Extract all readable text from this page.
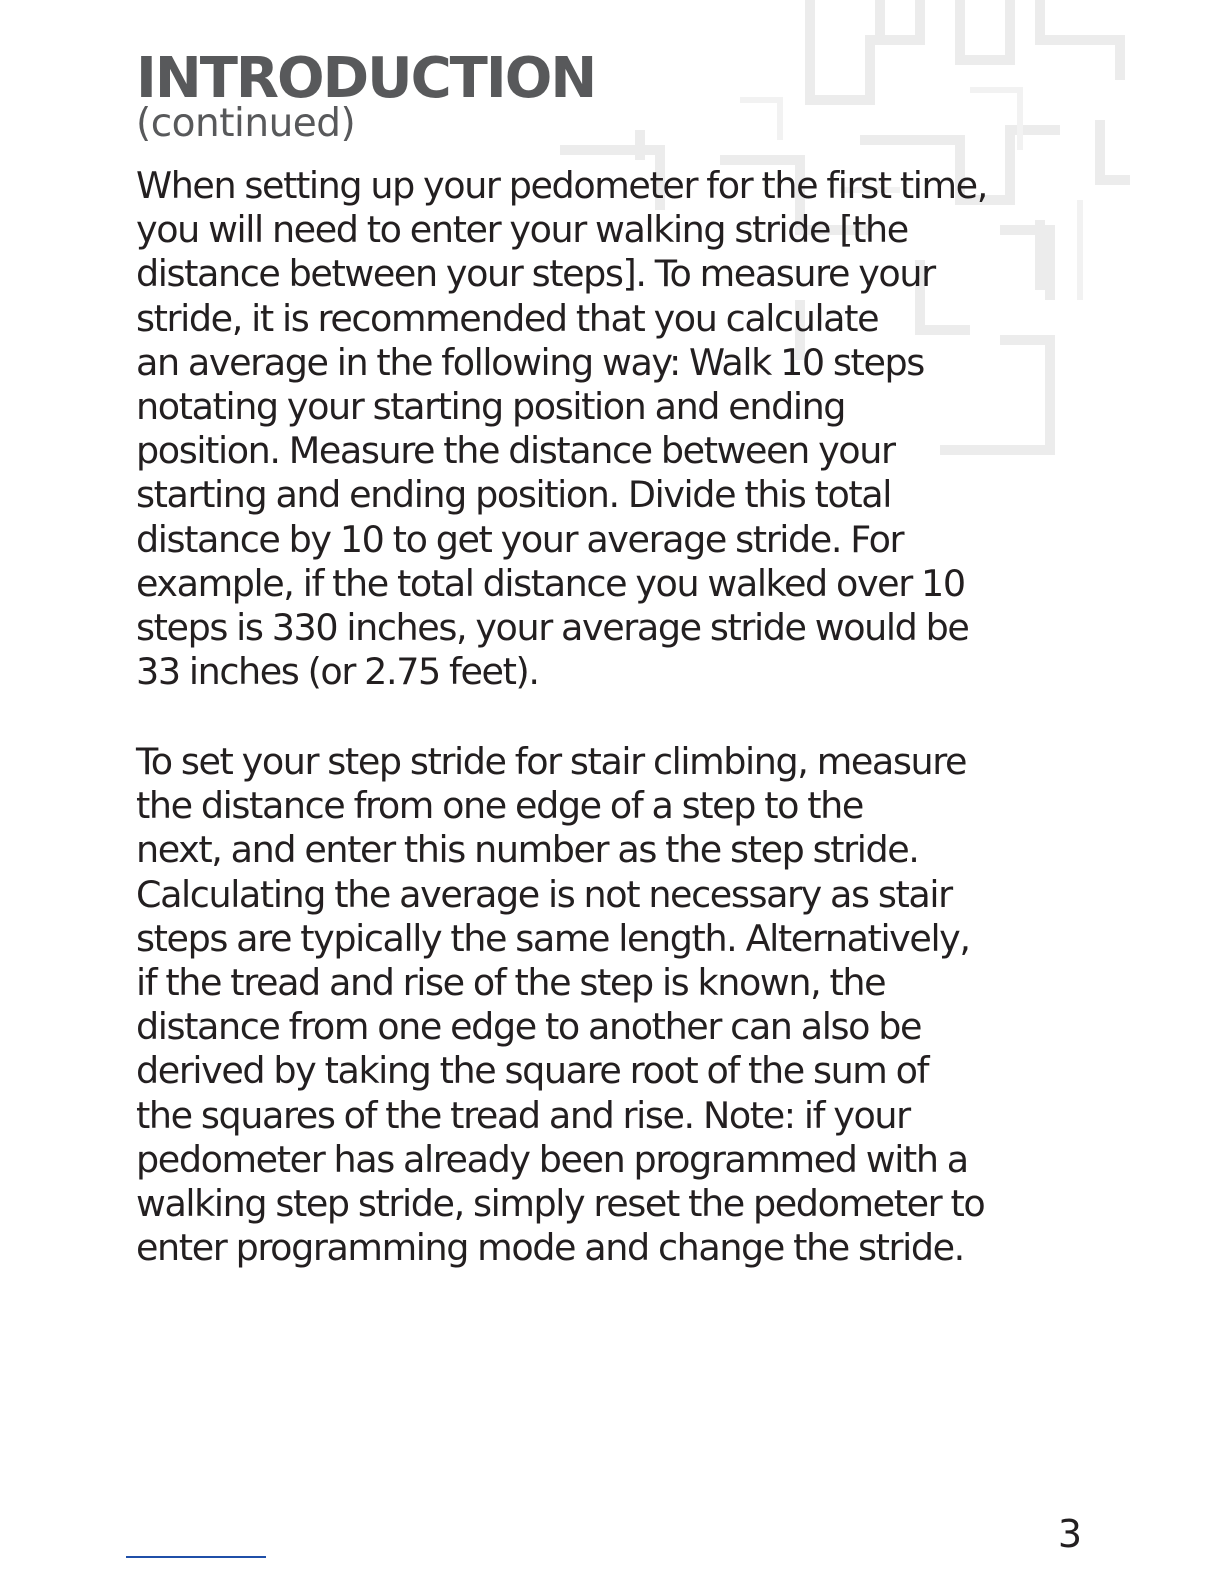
INTRODUCTION
(continued)

When setting up your pedometer for the first time,
you will need to enter your walking stride [the
distance between your steps]. To measure your
stride, it is recommended that you calculate
an average in the following way: Walk 10 steps
notating your starting position and ending
position. Measure the distance between your
starting and ending position. Divide this total
distance by 10 to get your average stride. For
example, if the total distance you walked over 10
steps is 330 inches, your average stride would be
33 inches (or 2.75 feet).

To set your step stride for stair climbing, measure
the distance from one edge of a step to the
next, and enter this number as the step stride.
Calculating the average is not necessary as stair
steps are typically the same length. Alternatively,
if the tread and rise of the step is known, the
distance from one edge to another can also be
derived by taking the square root of the sum of
the squares of the tread and rise. Note: if your
pedometer has already been programmed with a
walking step stride, simply reset the pedometer to
enter programming mode and change the stride.

3
